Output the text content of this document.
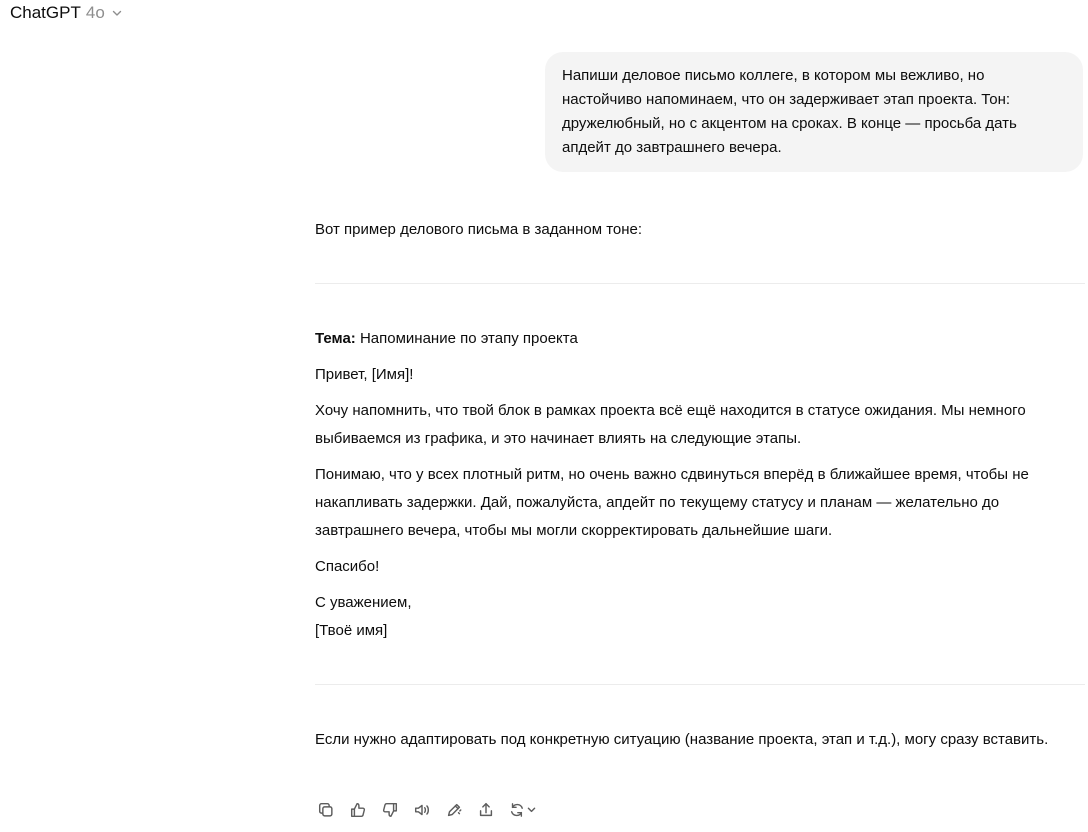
ChatGPT 4o
Напиши деловое письмо коллеге, в котором мы вежливо, но настойчиво напоминаем, что он задерживает этап проекта. Тон: дружелюбный, но с акцентом на сроках. В конце — просьба дать апдейт до завтрашнего вечера.

Вот пример делового письма в заданном тоне:

Тема: Напоминание по этапу проекта

Привет, [Имя]!

Хочу напомнить, что твой блок в рамках проекта всё ещё находится в статусе ожидания. Мы немного выбиваемся из графика, и это начинает влиять на следующие этапы.

Понимаю, что у всех плотный ритм, но очень важно сдвинуться вперёд в ближайшее время, чтобы не накапливать задержки. Дай, пожалуйста, апдейт по текущему статусу и планам — желательно до завтрашнего вечера, чтобы мы могли скорректировать дальнейшие шаги.

Спасибо!

С уважением,

[Твоё имя]

Если нужно адаптировать под конкретную ситуацию (название проекта, этап и т.д.), могу сразу вставить.
